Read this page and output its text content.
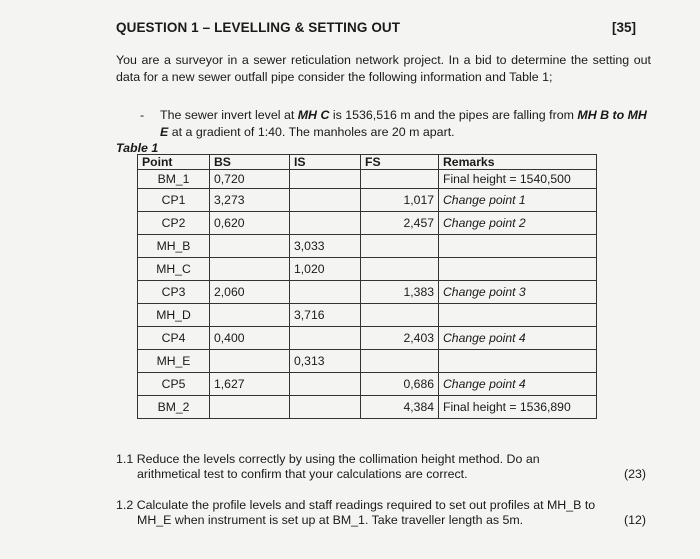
QUESTION 1 – LEVELLING & SETTING OUT	[35]
You are a surveyor in a sewer reticulation network project. In a bid to determine the setting out data for a new sewer outfall pipe consider the following information and Table 1;
- The sewer invert level at MH C is 1536,516 m and the pipes are falling from MH B to MH E at a gradient of 1:40. The manholes are 20 m apart.
Table 1
Point	BS	IS	FS	Remarks
BM_1	0,720			Final height = 1540,500
CP1	3,273		1,017	Change point 1
CP2	0,620		2,457	Change point 2
MH_B		3,033		
MH_C		1,020		
CP3	2,060		1,383	Change point 3
MH_D		3,716		
CP4	0,400		2,403	Change point 4
MH_E		0,313		
CP5	1,627		0,686	Change point 4
BM_2			4,384	Final height = 1536,890
1.1 Reduce the levels correctly by using the collimation height method. Do an
arithmetical test to confirm that your calculations are correct.	(23)
1.2 Calculate the profile levels and staff readings required to set out profiles at MH_B to
MH_E when instrument is set up at BM_1. Take traveller length as 5m.	(12)
